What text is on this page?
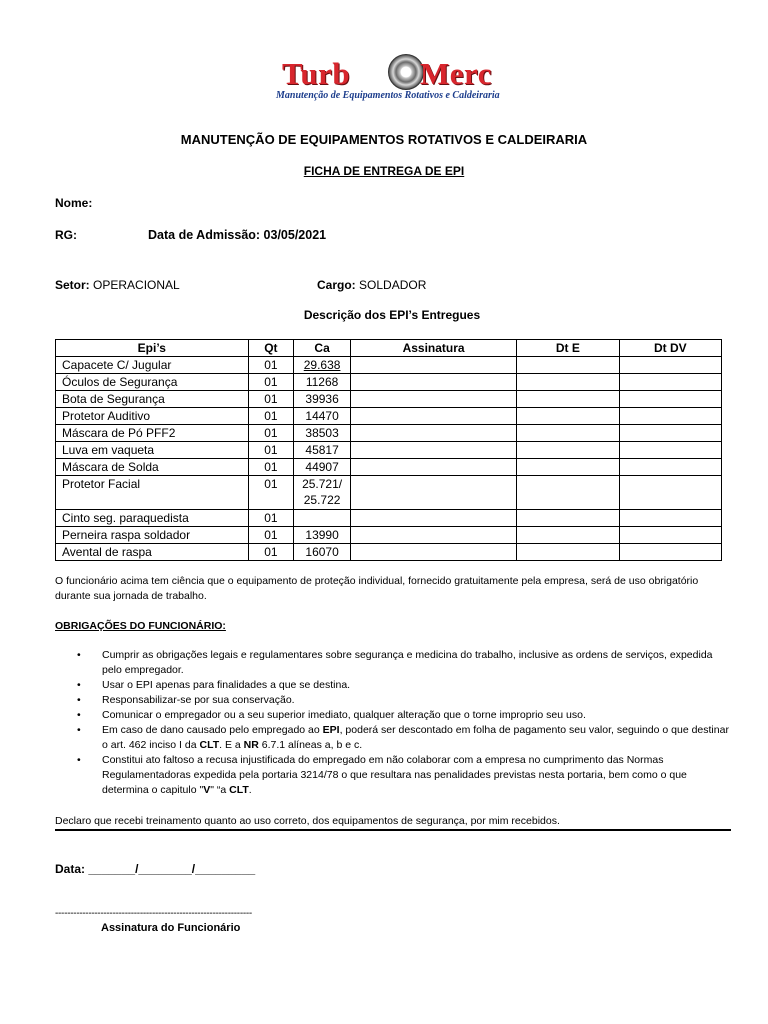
Turb Merc
Manutenção de Equipamentos Rotativos e Caldeiraria
MANUTENÇÃO DE EQUIPAMENTOS ROTATIVOS E CALDEIRARIA
FICHA DE ENTREGA DE EPI
Nome:
RG:	Data de Admissão: 03/05/2021
Setor: OPERACIONAL	Cargo: SOLDADOR
Descrição dos EPI’s Entregues
Epi’s	Qt	Ca	Assinatura	Dt E	Dt DV
Capacete C/ Jugular	01	29.638			
Óculos de Segurança	01	11268			
Bota de Segurança	01	39936			
Protetor Auditivo	01	14470			
Máscara de Pó PFF2	01	38503			
Luva em vaqueta	01	45817			
Máscara de Solda	01	44907			
Protetor Facial	01	25.721/
25.722			

Cinto seg. paraquedista	01				
Perneira raspa soldador	01	13990			
Avental de raspa	01	16070			
O funcionário acima tem ciência que o equipamento de proteção individual, fornecido gratuitamente pela empresa, será de uso obrigatório durante sua jornada de trabalho.
OBRIGAÇÕES DO FUNCIONÁRIO:
• Cumprir as obrigações legais e regulamentares sobre segurança e medicina do trabalho, inclusive as ordens de serviços, expedida pelo empregador.
• Usar o EPI apenas para finalidades a que se destina.
• Responsabilizar-se por sua conservação.
• Comunicar o empregador ou a seu superior imediato, qualquer alteração que o torne improprio seu uso.
• Em caso de dano causado pelo empregado ao EPI, poderá ser descontado em folha de pagamento seu valor, seguindo o que destinar o art. 462 inciso I da CLT. E a NR 6.7.1 alíneas a, b e c.
• Constitui ato faltoso a recusa injustificada do empregado em não colaborar com a empresa no cumprimento das Normas Regulamentadoras expedida pela portaria 3214/78 o que resultara nas penalidades previstas nesta portaria, bem como o que determina o capitulo "V" “a CLT.
Declaro que recebi treinamento quanto ao uso correto, dos equipamentos de segurança, por mim recebidos.
Data: _______/________/_________
-----------------------------------------------------------------
Assinatura do Funcionário
